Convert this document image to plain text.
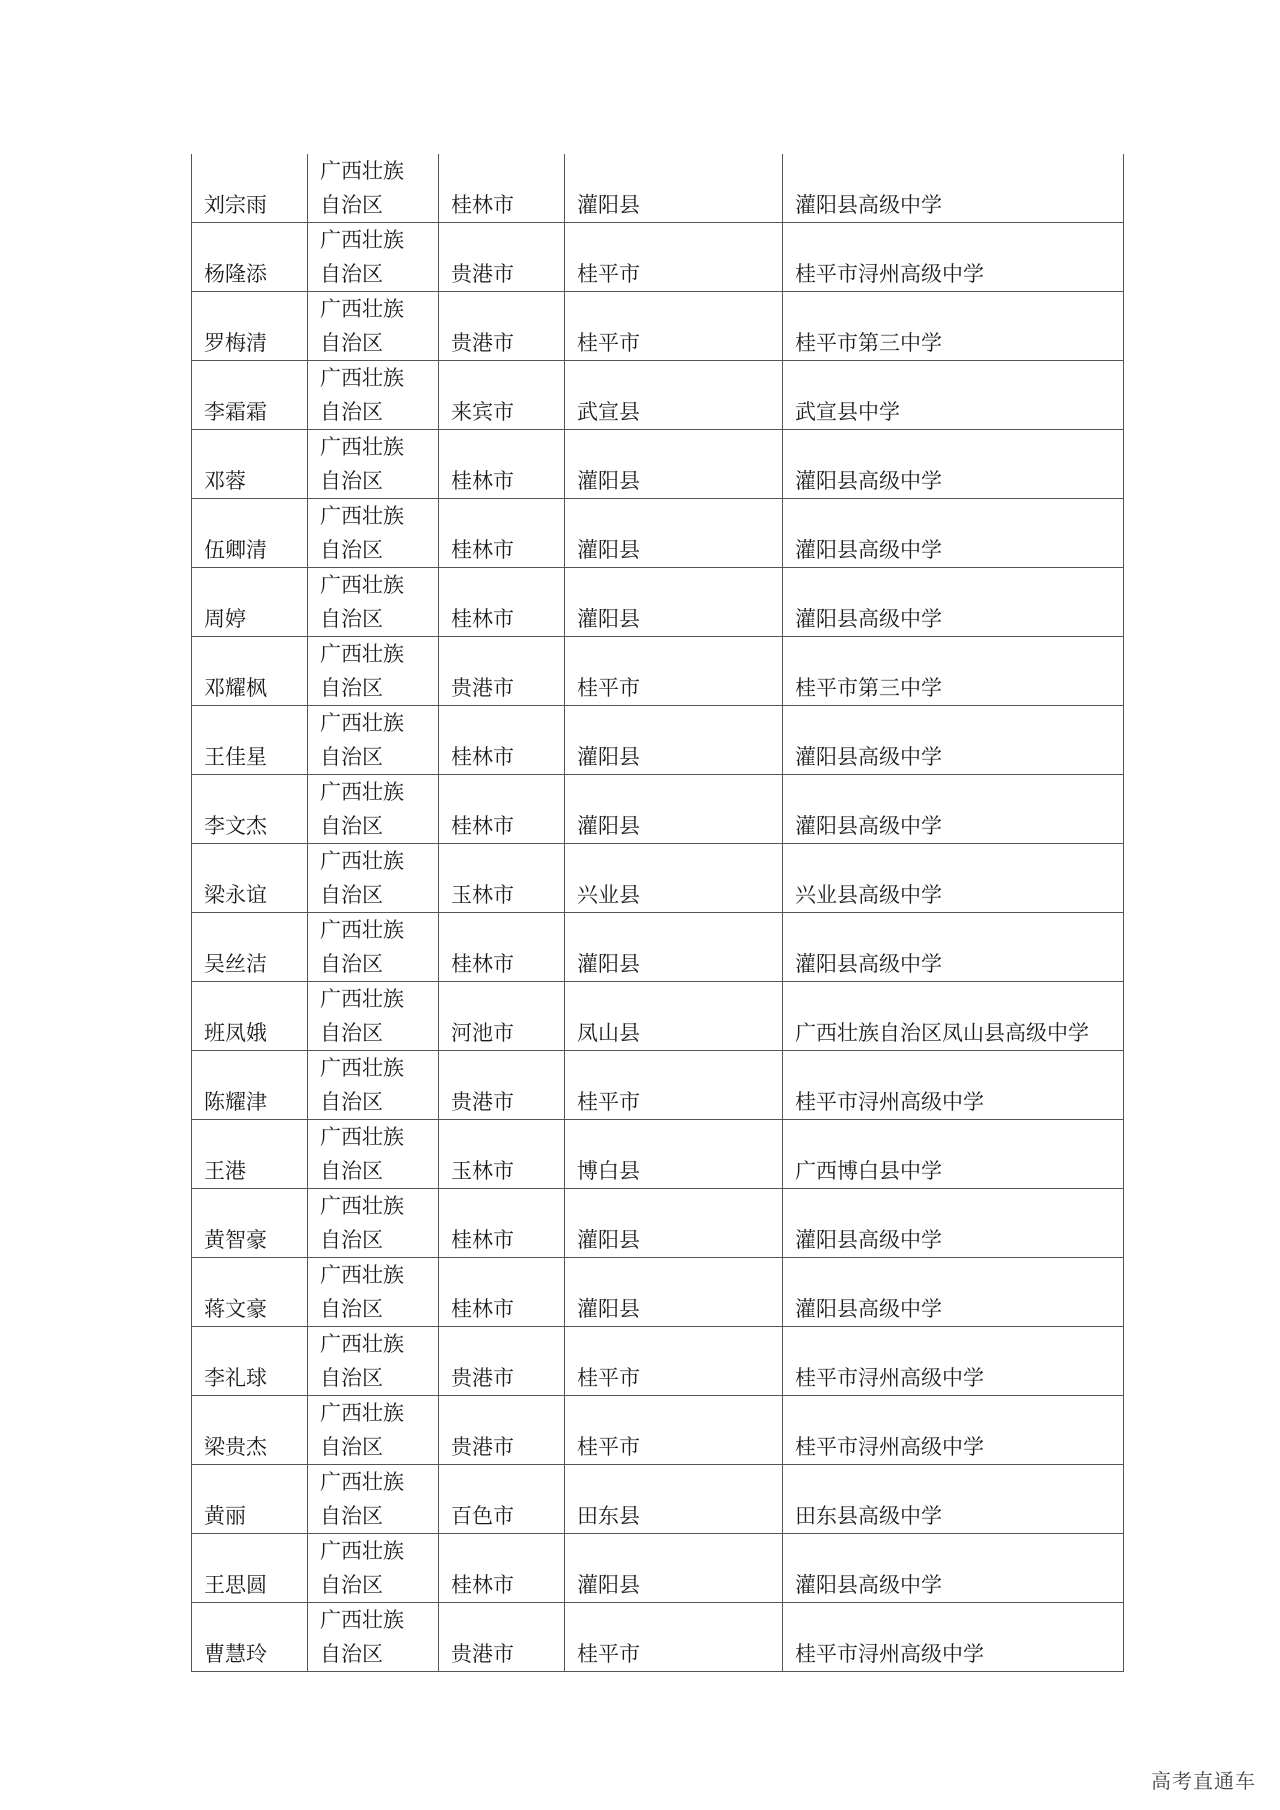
刘宗雨	广西壮族
自治区	桂林市	灌阳县	灌阳县高级中学
杨隆添	广西壮族
自治区	贵港市	桂平市	桂平市浔州高级中学
罗梅清	广西壮族
自治区	贵港市	桂平市	桂平市第三中学
李霜霜	广西壮族
自治区	来宾市	武宣县	武宣县中学
邓蓉	广西壮族
自治区	桂林市	灌阳县	灌阳县高级中学
伍卿清	广西壮族
自治区	桂林市	灌阳县	灌阳县高级中学
周婷	广西壮族
自治区	桂林市	灌阳县	灌阳县高级中学
邓耀枫	广西壮族
自治区	贵港市	桂平市	桂平市第三中学
王佳星	广西壮族
自治区	桂林市	灌阳县	灌阳县高级中学
李文杰	广西壮族
自治区	桂林市	灌阳县	灌阳县高级中学
梁永谊	广西壮族
自治区	玉林市	兴业县	兴业县高级中学
吴丝洁	广西壮族
自治区	桂林市	灌阳县	灌阳县高级中学
班凤娥	广西壮族
自治区	河池市	凤山县	广西壮族自治区凤山县高级中学
陈耀津	广西壮族
自治区	贵港市	桂平市	桂平市浔州高级中学
王港	广西壮族
自治区	玉林市	博白县	广西博白县中学
黄智豪	广西壮族
自治区	桂林市	灌阳县	灌阳县高级中学
蒋文豪	广西壮族
自治区	桂林市	灌阳县	灌阳县高级中学
李礼球	广西壮族
自治区	贵港市	桂平市	桂平市浔州高级中学
梁贵杰	广西壮族
自治区	贵港市	桂平市	桂平市浔州高级中学
黄丽	广西壮族
自治区	百色市	田东县	田东县高级中学
王思圆	广西壮族
自治区	桂林市	灌阳县	灌阳县高级中学
曹慧玲	广西壮族
自治区	贵港市	桂平市	桂平市浔州高级中学
高考直通车
